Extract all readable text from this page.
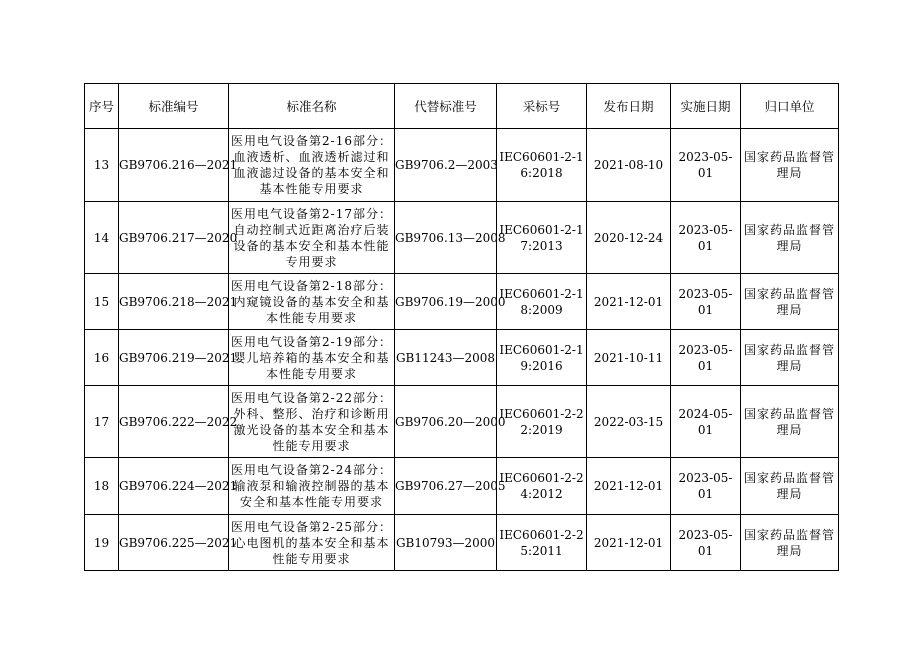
序号	标准编号	标准名称	代替标准号	采标号	发布日期	实施日期	归口单位
13	GB9706.216—2021	医用电气设备第2-16部分：血液透析、血液透析滤过和血液滤过设备的基本安全和基本性能专用要求	GB9706.2—2003	IEC60601-2-16:2018	2021-08-10	2023-05-01	国家药品监督管理局
14	GB9706.217—2020	医用电气设备第2-17部分：自动控制式近距离治疗后装设备的基本安全和基本性能专用要求	GB9706.13—2008	IEC60601-2-17:2013	2020-12-24	2023-05-01	国家药品监督管理局
15	GB9706.218—2021	医用电气设备第2-18部分：内窥镜设备的基本安全和基本性能专用要求	GB9706.19—2000	IEC60601-2-18:2009	2021-12-01	2023-05-01	国家药品监督管理局
16	GB9706.219—2021	医用电气设备第2-19部分：婴儿培养箱的基本安全和基本性能专用要求	GB11243—2008	IEC60601-2-19:2016	2021-10-11	2023-05-01	国家药品监督管理局
17	GB9706.222—2022	医用电气设备第2-22部分：外科、整形、治疗和诊断用激光设备的基本安全和基本性能专用要求	GB9706.20—2000	IEC60601-2-22:2019	2022-03-15	2024-05-01	国家药品监督管理局
18	GB9706.224—2021	医用电气设备第2-24部分：输液泵和输液控制器的基本安全和基本性能专用要求	GB9706.27—2005	IEC60601-2-24:2012	2021-12-01	2023-05-01	国家药品监督管理局
19	GB9706.225—2021	医用电气设备第2-25部分：心电图机的基本安全和基本性能专用要求	GB10793—2000	IEC60601-2-25:2011	2021-12-01	2023-05-01	国家药品监督管理局
